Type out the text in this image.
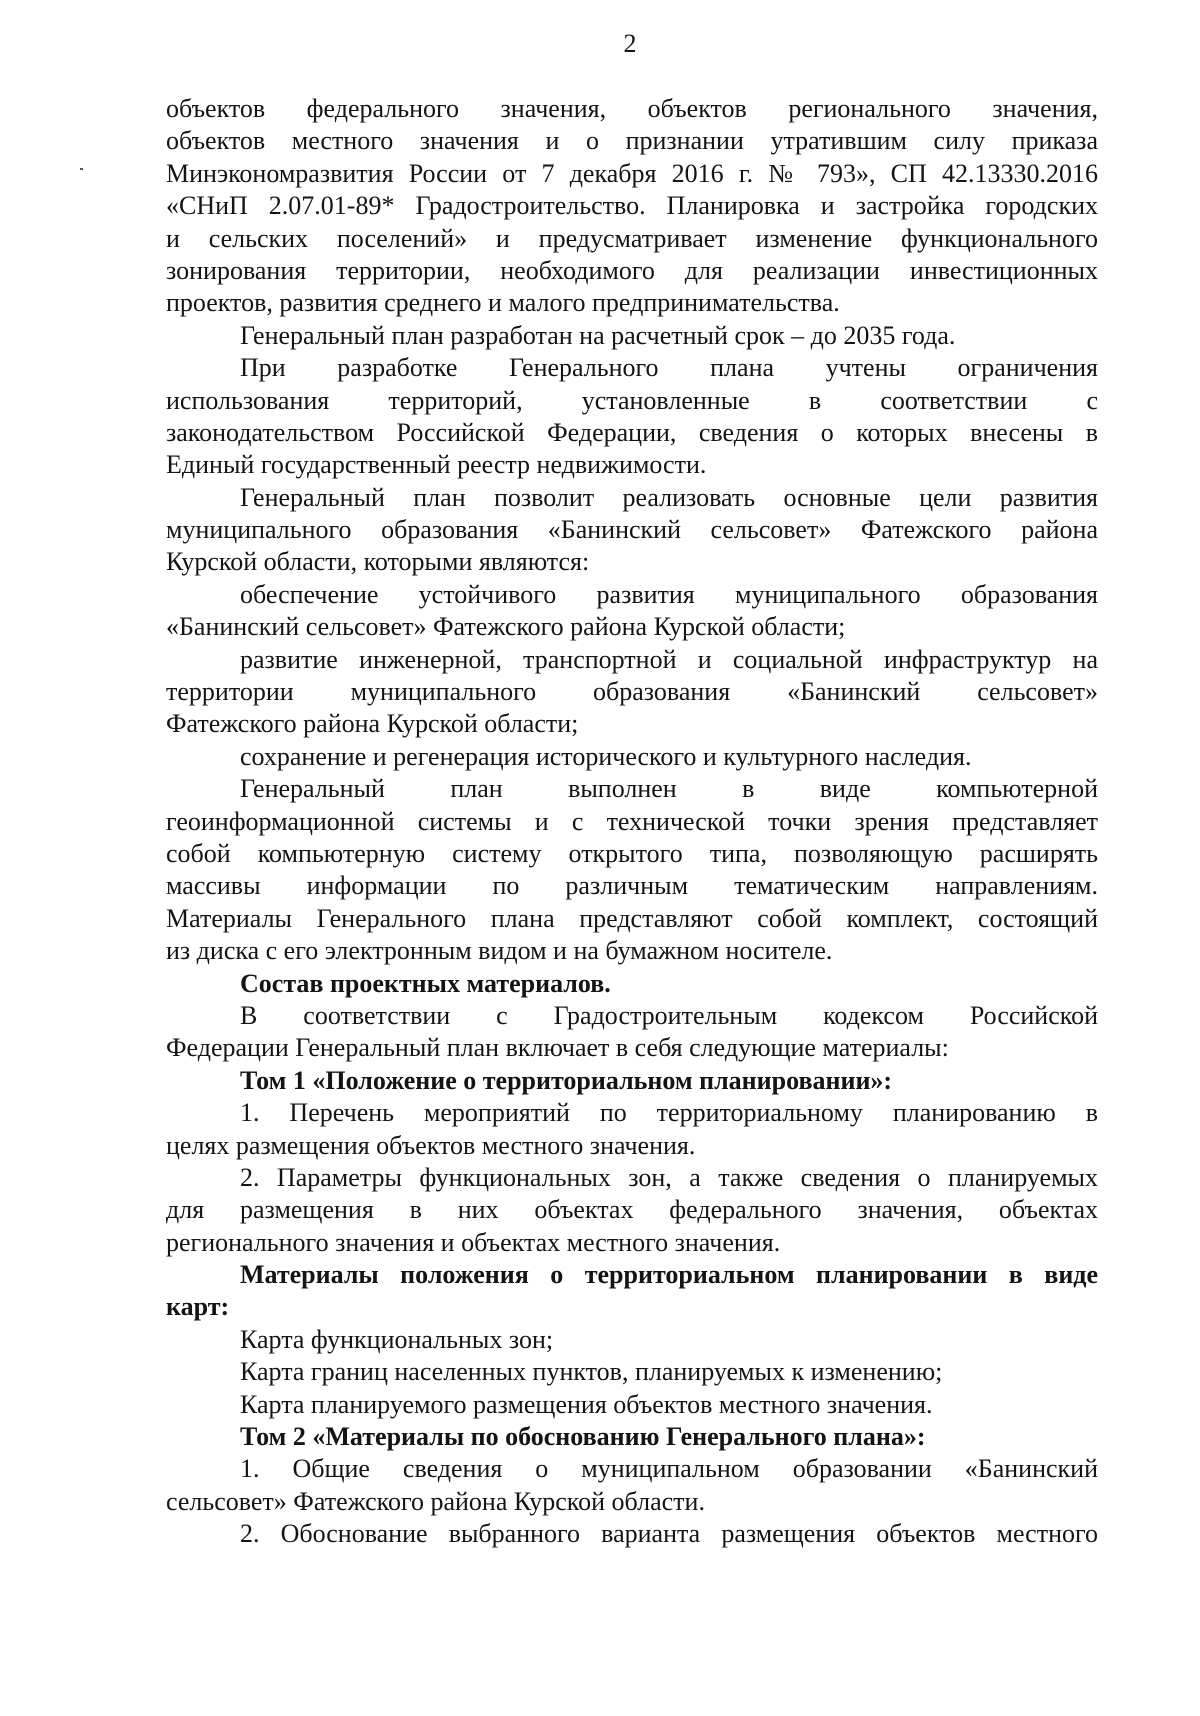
2
объектов федерального значения, объектов регионального значения,
объектов местного значения и о признании утратившим силу приказа
Минэкономразвития России от 7 декабря 2016 г. № 793», СП 42.13330.2016
«СНиП 2.07.01-89* Градостроительство. Планировка и застройка городских
и сельских поселений» и предусматривает изменение функционального
зонирования территории, необходимого для реализации инвестиционных
проектов, развития среднего и малого предпринимательства.
Генеральный план разработан на расчетный срок – до 2035 года.
При разработке Генерального плана учтены ограничения
использования территорий, установленные в соответствии с
законодательством Российской Федерации, сведения о которых внесены в
Единый государственный реестр недвижимости.
Генеральный план позволит реализовать основные цели развития
муниципального образования «Банинский сельсовет» Фатежского района
Курской области, которыми являются:
обеспечение устойчивого развития муниципального образования
«Банинский сельсовет» Фатежского района Курской области;
развитие инженерной, транспортной и социальной инфраструктур на
территории муниципального образования «Банинский сельсовет»
Фатежского района Курской области;
сохранение и регенерация исторического и культурного наследия.
Генеральный план выполнен в виде компьютерной
геоинформационной системы и с технической точки зрения представляет
собой компьютерную систему открытого типа, позволяющую расширять
массивы информации по различным тематическим направлениям.
Материалы Генерального плана представляют собой комплект, состоящий
из диска с его электронным видом и на бумажном носителе.
Состав проектных материалов.
В соответствии с Градостроительным кодексом Российской
Федерации Генеральный план включает в себя следующие материалы:
Том 1 «Положение о территориальном планировании»:
1. Перечень мероприятий по территориальному планированию в
целях размещения объектов местного значения.
2. Параметры функциональных зон, а также сведения о планируемых
для размещения в них объектах федерального значения, объектах
регионального значения и объектах местного значения.
Материалы положения о территориальном планировании в виде
карт:
Карта функциональных зон;
Карта границ населенных пунктов, планируемых к изменению;
Карта планируемого размещения объектов местного значения.
Том 2 «Материалы по обоснованию Генерального плана»:
1. Общие сведения о муниципальном образовании «Банинский
сельсовет» Фатежского района Курской области.
2. Обоснование выбранного варианта размещения объектов местного
